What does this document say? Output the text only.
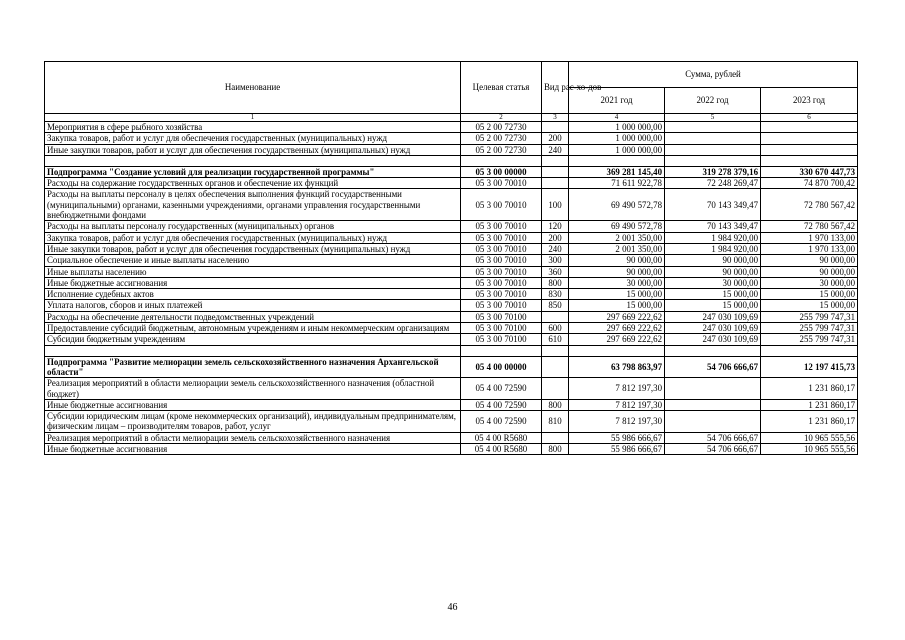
Наименование	Целевая статья	Вид рас-хо-дов	Сумма, рублей		
			2021 год	2022 год	2023 год
1	2	3	4	5	6
Мероприятия в сфере рыбного хозяйства	05 2 00 72730		1 000 000,00		
Закупка товаров, работ и услуг для обеспечения государственных (муниципальных) нужд	05 2 00 72730	200	1 000 000,00		
Иные закупки товаров, работ и услуг для обеспечения государственных (муниципальных) нужд	05 2 00 72730	240	1 000 000,00		

Подпрограмма "Создание условий для реализации государственной программы"	05 3 00 00000		369 281 145,40	319 278 379,16	330 670 447,73
Расходы на содержание государственных органов и обеспечение их функций	05 3 00 70010		71 611 922,78	72 248 269,47	74 870 700,42
Расходы на выплаты персоналу в целях обеспечения выполнения функций государственными (муниципальными) органами, казенными учреждениями, органами управления государственными внебюджетными фондами	05 3 00 70010	100	69 490 572,78	70 143 349,47	72 780 567,42
Расходы на выплаты персоналу государственных (муниципальных) органов	05 3 00 70010	120	69 490 572,78	70 143 349,47	72 780 567,42
Закупка товаров, работ и услуг для обеспечения государственных (муниципальных) нужд	05 3 00 70010	200	2 001 350,00	1 984 920,00	1 970 133,00
Иные закупки товаров, работ и услуг для обеспечения государственных (муниципальных) нужд	05 3 00 70010	240	2 001 350,00	1 984 920,00	1 970 133,00
Социальное обеспечение и иные выплаты населению	05 3 00 70010	300	90 000,00	90 000,00	90 000,00
Иные выплаты населению	05 3 00 70010	360	90 000,00	90 000,00	90 000,00
Иные бюджетные ассигнования	05 3 00 70010	800	30 000,00	30 000,00	30 000,00
Исполнение судебных актов	05 3 00 70010	830	15 000,00	15 000,00	15 000,00
Уплата налогов, сборов и иных платежей	05 3 00 70010	850	15 000,00	15 000,00	15 000,00
Расходы на обеспечение деятельности подведомственных учреждений	05 3 00 70100		297 669 222,62	247 030 109,69	255 799 747,31
Предоставление субсидий бюджетным, автономным учреждениям и иным некоммерческим организациям	05 3 00 70100	600	297 669 222,62	247 030 109,69	255 799 747,31
Субсидии бюджетным учреждениям	05 3 00 70100	610	297 669 222,62	247 030 109,69	255 799 747,31

Подпрограмма "Развитие мелиорации земель сельскохозяйственного назначения Архангельской области"	05 4 00 00000		63 798 863,97	54 706 666,67	12 197 415,73
Реализация мероприятий в области мелиорации земель сельскохозяйственного назначения (областной бюджет)	05 4 00 72590		7 812 197,30		1 231 860,17
Иные бюджетные ассигнования	05 4 00 72590	800	7 812 197,30		1 231 860,17
Субсидии юридическим лицам (кроме некоммерческих организаций), индивидуальным предпринимателям, физическим лицам – производителям товаров, работ, услуг	05 4 00 72590	810	7 812 197,30		1 231 860,17
Реализация мероприятий в области мелиорации земель сельскохозяйственного назначения	05 4 00 R5680		55 986 666,67	54 706 666,67	10 965 555,56
Иные бюджетные ассигнования	05 4 00 R5680	800	55 986 666,67	54 706 666,67	10 965 555,56
46
